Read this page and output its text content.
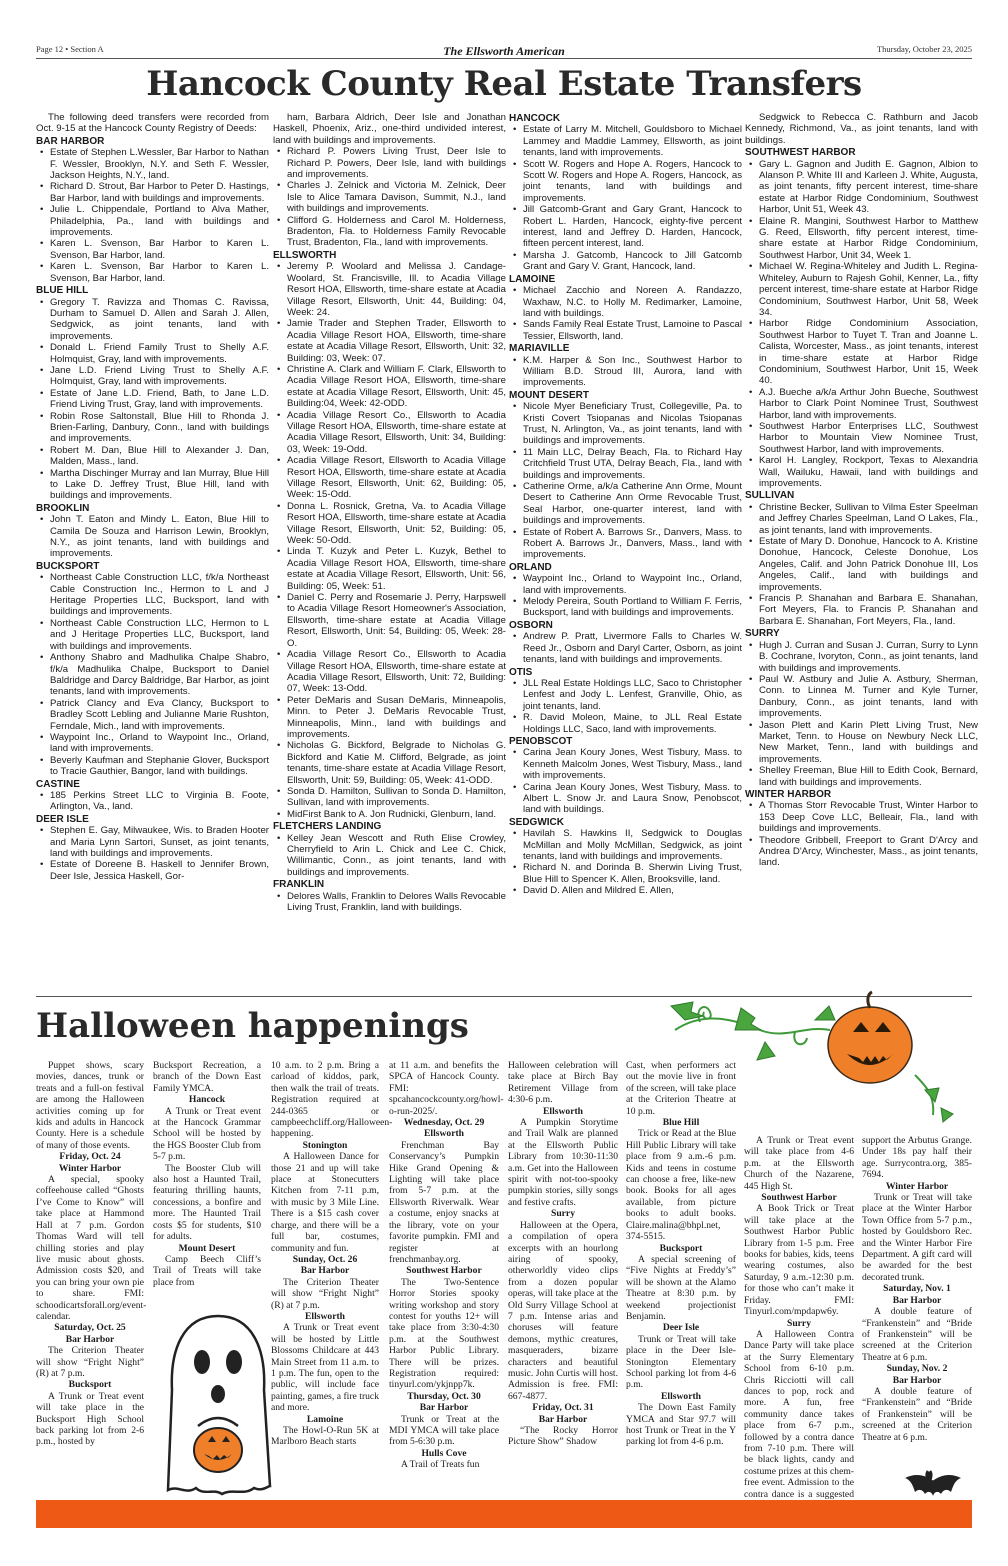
Page 12 • Section A	The Ellsworth American	Thursday, October 23, 2025
Hancock County Real Estate Transfers

The following deed transfers were recorded from Oct. 9-15 at the Hancock County Registry of Deeds:

BAR HARBOR
• Estate of Stephen L.Wessler, Bar Harbor to Nathan F. Wessler, Brooklyn, N.Y. and Seth F. Wessler, Jackson Heights, N.Y., land.
• Richard D. Strout, Bar Harbor to Peter D. Hastings, Bar Harbor, land with buildings and improvements.
• Julie L. Chippendale, Portland to Alva Mather, Philadelphia, Pa., land with buildings and improvements.
• Karen L. Svenson, Bar Harbor to Karen L. Svenson, Bar Harbor, land.
• Karen L. Svenson, Bar Harbor to Karen L. Svenson, Bar Harbor, land.
BLUE HILL
• Gregory T. Ravizza and Thomas C. Ravissa, Durham to Samuel D. Allen and Sarah J. Allen, Sedgwick, as joint tenants, land with improvements.
• Donald L. Friend Family Trust to Shelly A.F. Holmquist, Gray, land with improvements.
• Jane L.D. Friend Living Trust to Shelly A.F. Holmquist, Gray, land with improvements.
• Estate of Jane L.D. Friend, Bath, to Jane L.D. Friend Living Trust, Gray, land with improvements.
• Robin Rose Saltonstall, Blue Hill to Rhonda J. Brien-Farling, Danbury, Conn., land with buildings and improvements.
• Robert M. Dan, Blue Hill to Alexander J. Dan, Malden, Mass., land.
• Martha Dischinger Murray and Ian Murray, Blue Hill to Lake D. Jeffrey Trust, Blue Hill, land with buildings and improvements.
BROOKLIN
• John T. Eaton and Mindy L. Eaton, Blue Hill to Camila De Souza and Harrison Lewin, Brooklyn, N.Y., as joint tenants, land with buildings and improvements.
BUCKSPORT
• Northeast Cable Construction LLC, f/k/a Northeast Cable Construction Inc., Hermon to L and J Heritage Properties LLC, Bucksport, land with buildings and improvements.
• Northeast Cable Construction LLC, Hermon to L and J Heritage Properties LLC, Bucksport, land with buildings and improvements.
• Anthony Shabro and Madhulika Chalpe Shabro, f/k/a Madhulika Chalpe, Bucksport to Daniel Baldridge and Darcy Baldridge, Bar Harbor, as joint tenants, land with improvements.
• Patrick Clancy and Eva Clancy, Bucksport to Bradley Scott Lebling and Julianne Marie Rushton, Ferndale, Mich., land with improvements.
• Waypoint Inc., Orland to Waypoint Inc., Orland, land with improvements.
• Beverly Kaufman and Stephanie Glover, Bucksport to Tracie Gauthier, Bangor, land with buildings.
CASTINE
• 185 Perkins Street LLC to Virginia B. Foote, Arlington, Va., land.
DEER ISLE
• Stephen E. Gay, Milwaukee, Wis. to Braden Hooter and Maria Lynn Sartori, Sunset, as joint tenants, land with buildings and improvements.
• Estate of Doreene B. Haskell to Jennifer Brown, Deer Isle, Jessica Haskell, Gor-

ham, Barbara Aldrich, Deer Isle and Jonathan Haskell, Phoenix, Ariz., one-third undivided interest, land with buildings and improvements.

• Richard P. Powers Living Trust, Deer Isle to Richard P. Powers, Deer Isle, land with buildings and improvements.
• Charles J. Zelnick and Victoria M. Zelnick, Deer Isle to Alice Tamara Davison, Summit, N.J., land with buildings and improvements.
• Clifford G. Holderness and Carol M. Holderness, Bradenton, Fla. to Holderness Family Revocable Trust, Bradenton, Fla., land with improvements.
ELLSWORTH
• Jeremy P. Woolard and Melissa J. Candage-Woolard, St. Francisville, Ill. to Acadia Village Resort HOA, Ellsworth, time-share estate at Acadia Village Resort, Ellsworth, Unit: 44, Building: 04, Week: 24.
• Jamie Trader and Stephen Trader, Ellsworth to Acadia Village Resort HOA, Ellsworth, time-share estate at Acadia Village Resort, Ellsworth, Unit: 32, Building: 03, Week: 07.
• Christine A. Clark and William F. Clark, Ellsworth to Acadia Village Resort HOA, Ellsworth, time-share estate at Acadia Village Resort, Ellsworth, Unit: 45, Building:04, Week: 42-ODD.
• Acadia Village Resort Co., Ellsworth to Acadia Village Resort HOA, Ellsworth, time-share estate at Acadia Village Resort, Ellsworth, Unit: 34, Building: 03, Week: 19-Odd.
• Acadia Village Resort, Ellsworth to Acadia Village Resort HOA, Ellsworth, time-share estate at Acadia Village Resort, Ellsworth, Unit: 62, Building: 05, Week: 15-Odd.
• Donna L. Rosnick, Gretna, Va. to Acadia Village Resort HOA, Ellsworth, time-share estate at Acadia Village Resort, Ellsworth, Unit: 52, Building: 05, Week: 50-Odd.
• Linda T. Kuzyk and Peter L. Kuzyk, Bethel to Acadia Village Resort HOA, Ellsworth, time-share estate at Acadia Village Resort, Ellsworth, Unit: 56, Building: 05, Week: 51.
• Daniel C. Perry and Rosemarie J. Perry, Harpswell to Acadia Village Resort Homeowner's Association, Ellsworth, time-share estate at Acadia Village Resort, Ellsworth, Unit: 54, Building: 05, Week: 28-O.
• Acadia Village Resort Co., Ellsworth to Acadia Village Resort HOA, Ellsworth, time-share estate at Acadia Village Resort, Ellsworth, Unit: 72, Building: 07, Week: 13-Odd.
• Peter DeMaris and Susan DeMaris, Minneapolis, Minn. to Peter J. DeMaris Revocable Trust, Minneapolis, Minn., land with buildings and improvements.
• Nicholas G. Bickford, Belgrade to Nicholas G. Bickford and Katie M. Clifford, Belgrade, as joint tenants, time-share estate at Acadia Village Resort, Ellsworth, Unit: 59, Building: 05, Week: 41-ODD.
• Sonda D. Hamilton, Sullivan to Sonda D. Hamilton, Sullivan, land with improvements.
• MidFirst Bank to A. Jon Rudnicki, Glenburn, land.
FLETCHERS LANDING
• Kelley Jean Wescott and Ruth Elise Crowley, Cherryfield to Arin L. Chick and Lee C. Chick, Willimantic, Conn., as joint tenants, land with buildings and improvements.
FRANKLIN
• Delores Walls, Franklin to Delores Walls Revocable Living Trust, Franklin, land with buildings.
HANCOCK
• Estate of Larry M. Mitchell, Gouldsboro to Michael Lammey and Maddie Lammey, Ellsworth, as joint tenants, land with improvements.
• Scott W. Rogers and Hope A. Rogers, Hancock to Scott W. Rogers and Hope A. Rogers, Hancock, as joint tenants, land with buildings and improvements.
• Jill Gatcomb-Grant and Gary Grant, Hancock to Robert L. Harden, Hancock, eighty-five percent interest, land and Jeffrey D. Harden, Hancock, fifteen percent interest, land.
• Marsha J. Gatcomb, Hancock to Jill Gatcomb Grant and Gary V. Grant, Hancock, land.
LAMOINE
• Michael Zacchio and Noreen A. Randazzo, Waxhaw, N.C. to Holly M. Redimarker, Lamoine, land with buildings.
• Sands Family Real Estate Trust, Lamoine to Pascal Tessier, Ellsworth, land.
MARIAVILLE
• K.M. Harper & Son Inc., Southwest Harbor to William B.D. Stroud III, Aurora, land with improvements.
MOUNT DESERT
• Nicole Myer Beneficiary Trust, Collegeville, Pa. to Kristi Covert Tsiopanas and Nicolas Tsiopanas Trust, N. Arlington, Va., as joint tenants, land with buildings and improvements.
• 11 Main LLC, Delray Beach, Fla. to Richard Hay Critchfield Trust UTA, Delray Beach, Fla., land with buildings and improvements.
• Catherine Orme, a/k/a Catherine Ann Orme, Mount Desert to Catherine Ann Orme Revocable Trust, Seal Harbor, one-quarter interest, land with buildings and improvements.
• Estate of Robert A. Barrows Sr., Danvers, Mass. to Robert A. Barrows Jr., Danvers, Mass., land with improvements.
ORLAND
• Waypoint Inc., Orland to Waypoint Inc., Orland, land with improvements.
• Melody Pereira, South Portland to William F. Ferris, Bucksport, land with buildings and improvements.
OSBORN
• Andrew P. Pratt, Livermore Falls to Charles W. Reed Jr., Osborn and Daryl Carter, Osborn, as joint tenants, land with buildings and improvements.
OTIS
• JLL Real Estate Holdings LLC, Saco to Christopher Lenfest and Jody L. Lenfest, Granville, Ohio, as joint tenants, land.
• R. David Moleon, Maine, to JLL Real Estate Holdings LLC, Saco, land with improvements.
PENOBSCOT
• Carina Jean Koury Jones, West Tisbury, Mass. to Kenneth Malcolm Jones, West Tisbury, Mass., land with improvements.
• Carina Jean Koury Jones, West Tisbury, Mass. to Albert L. Snow Jr. and Laura Snow, Penobscot, land with buildings.
SEDGWICK
• Havilah S. Hawkins II, Sedgwick to Douglas McMillan and Molly McMillan, Sedgwick, as joint tenants, land with buildings and improvements.
• Richard N. and Dorinda B. Sherwin Living Trust, Blue Hill to Spencer K. Allen, Brooksville, land.
• David D. Allen and Mildred E. Allen,

Sedgwick to Rebecca C. Rathburn and Jacob Kennedy, Richmond, Va., as joint tenants, land with buildings.

SOUTHWEST HARBOR
• Gary L. Gagnon and Judith E. Gagnon, Albion to Alanson P. White III and Karleen J. White, Augusta, as joint tenants, fifty percent interest, time-share estate at Harbor Ridge Condominium, Southwest Harbor, Unit 51, Week 43.
• Elaine R. Mangini, Southwest Harbor to Matthew G. Reed, Ellsworth, fifty percent interest, time-share estate at Harbor Ridge Condominium, Southwest Harbor, Unit 34, Week 1.
• Michael W. Regina-Whiteley and Judith L. Regina-Whiteley, Auburn to Rajesh Gohil, Kenner, La., fifty percent interest, time-share estate at Harbor Ridge Condominium, Southwest Harbor, Unit 58, Week 34.
• Harbor Ridge Condominium Association, Southwest Harbor to Tuyet T. Tran and Joanne L. Calista, Worcester, Mass., as joint tenants, interest in time-share estate at Harbor Ridge Condominium, Southwest Harbor, Unit 15, Week 40.
• A.J. Bueche a/k/a Arthur John Bueche, Southwest Harbor to Clark Point Nominee Trust, Southwest Harbor, land with improvements.
• Southwest Harbor Enterprises LLC, Southwest Harbor to Mountain View Nominee Trust, Southwest Harbor, land with improvements.
• Karol H. Langley, Rockport, Texas to Alexandria Wall, Wailuku, Hawaii, land with buildings and improvements.
SULLIVAN
• Christine Becker, Sullivan to Vilma Ester Speelman and Jeffrey Charles Speelman, Land O Lakes, Fla., as joint tenants, land with improvements.
• Estate of Mary D. Donohue, Hancock to A. Kristine Donohue, Hancock, Celeste Donohue, Los Angeles, Calif. and John Patrick Donohue III, Los Angeles, Calif., land with buildings and improvements.
• Francis P. Shanahan and Barbara E. Shanahan, Fort Meyers, Fla. to Francis P. Shanahan and Barbara E. Shanahan, Fort Meyers, Fla., land.
SURRY
• Hugh J. Curran and Susan J. Curran, Surry to Lynn B. Cochrane, Ivoryton, Conn., as joint tenants, land with buildings and improvements.
• Paul W. Astbury and Julie A. Astbury, Sherman, Conn. to Linnea M. Turner and Kyle Turner, Danbury, Conn., as joint tenants, land with improvements.
• Jason Plett and Karin Plett Living Trust, New Market, Tenn. to House on Newbury Neck LLC, New Market, Tenn., land with buildings and improvements.
• Shelley Freeman, Blue Hill to Edith Cook, Bernard, land with buildings and improvements.
WINTER HARBOR
• A Thomas Storr Revocable Trust, Winter Harbor to 153 Deep Cove LLC, Belleair, Fla., land with buildings and improvements.
• Theodore Gribbell, Freeport to Grant D'Arcy and Andrea D'Arcy, Winchester, Mass., as joint tenants, land.
Halloween happenings

Puppet shows, scary movies, dances, trunk or treats and a full-on festival are among the Halloween activities coming up for kids and adults in Hancock County. Here is a schedule of many of those events.

Friday, Oct. 24

Winter Harbor

A special, spooky coffeehouse called “Ghosts I’ve Come to Know” will take place at Hammond Hall at 7 p.m. Gordon Thomas Ward will tell chilling stories and play live music about ghosts. Admission costs $20, and you can bring your own pie to share. FMI: schoodicartsforall.org/event-calendar.

Saturday, Oct. 25

Bar Harbor

The Criterion Theater will show “Fright Night” (R) at 7 p.m.

Bucksport

A Trunk or Treat event will take place in the Bucksport High School back parking lot from 2-6 p.m., hosted by

Bucksport Recreation, a branch of the Down East Family YMCA.

Hancock

A Trunk or Treat event at the Hancock Grammar School will be hosted by the HGS Booster Club from 5-7 p.m.

The Booster Club will also host a Haunted Trail, featuring thrilling haunts, concessions, a bonfire and more. The Haunted Trail costs $5 for students, $10 for adults.

Mount Desert

Camp Beech Cliff’s Trail of Treats will take place from

10 a.m. to 2 p.m. Bring a carload of kiddos, park, then walk the trail of treats. Registration required at 244-0365 or campbeechcliff.org/Halloween-happening.

Stonington

A Halloween Dance for those 21 and up will take place at Stonecutters Kitchen from 7-11 p.m, with music by 3 Mile Line. There is a $15 cash cover charge, and there will be a full bar, costumes, community and fun.

Sunday, Oct. 26

Bar Harbor

The Criterion Theater will show “Fright Night” (R) at 7 p.m.

Ellsworth

A Trunk or Treat event will be hosted by Little Blossoms Childcare at 443 Main Street from 11 a.m. to 1 p.m. The fun, open to the public, will include face painting, games, a fire truck and more.

Lamoine

The Howl-O-Run 5K at Marlboro Beach starts

at 11 a.m. and benefits the SPCA of Hancock County. FMI: spcahancockcounty.org/howl-o-run-2025/.

Wednesday, Oct. 29

Ellsworth

Frenchman Bay Conservancy’s Pumpkin Hike Grand Opening & Lighting will take place from 5-7 p.m. at the Ellsworth Riverwalk. Wear a costume, enjoy snacks at the library, vote on your favorite pumpkin. FMI and register at frenchmanbay.org.

Southwest Harbor

The Two-Sentence Horror Stories spooky writing workshop and story contest for youths 12+ will take place from 3:30-4:30 p.m. at the Southwest Harbor Public Library. There will be prizes. Registration required: tinyurl.com/ykjnpp7k.

Thursday, Oct. 30

Bar Harbor

Trunk or Treat at the MDI YMCA will take place from 5-6:30 p.m.

Hulls Cove

A Trail of Treats fun

Halloween celebration will take place at Birch Bay Retirement Village from 4:30-6 p.m.

Ellsworth

A Pumpkin Storytime and Trail Walk are planned at the Ellsworth Public Library from 10:30-11:30 a.m. Get into the Halloween spirit with not-too-spooky pumpkin stories, silly songs and festive crafts.

Surry

Halloween at the Opera, a compilation of opera excerpts with an hourlong airing of spooky, otherworldly video clips from a dozen popular operas, will take place at the Old Surry Village School at 7 p.m. Intense arias and choruses will feature demons, mythic creatures, masqueraders, bizarre characters and beautiful music. John Curtis will host. Admission is free. FMI: 667-4877.

Friday, Oct. 31

Bar Harbor

“The Rocky Horror Picture Show” Shadow

Cast, when performers act out the movie live in front of the screen, will take place at the Criterion Theatre at 10 p.m.

Blue Hill

Trick or Read at the Blue Hill Public Library will take place from 9 a.m.-6 p.m. Kids and teens in costume can choose a free, like-new book. Books for all ages available, from picture books to adult books. Claire.malina@bhpl.net, 374-5515.

Bucksport

A special screening of “Five Nights at Freddy’s” will be shown at the Alamo Theatre at 8:30 p.m. by weekend projectionist Benjamin.

Deer Isle

Trunk or Treat will take place in the Deer Isle-Stonington Elementary School parking lot from 4-6 p.m.

Ellsworth

The Down East Family YMCA and Star 97.7 will host Trunk or Treat in the Y parking lot from 4-6 p.m.

A Trunk or Treat event will take place from 4-6 p.m. at the Ellsworth Church of the Nazarene, 445 High St.

Southwest Harbor

A Book Trick or Treat will take place at the Southwest Harbor Public Library from 1-5 p.m. Free books for babies, kids, teens wearing costumes, also Saturday, 9 a.m.-12:30 p.m. for those who can’t make it Friday. FMI: Tinyurl.com/mpdapw6y.

Surry

A Halloween Contra Dance Party will take place at the Surry Elementary School from 6-10 p.m. Chris Ricciotti will call dances to pop, rock and more. A fun, free community dance takes place from 6-7 p.m., followed by a contra dance from 7-10 p.m. There will be black lights, candy and costume prizes at this chem-free event. Admission to the contra dance is a suggested

support the Arbutus Grange. Under 18s pay half their age. Surrycontra.org, 385-7694.

Winter Harbor

Trunk or Treat will take place at the Winter Harbor Town Office from 5-7 p.m., hosted by Gouldsboro Rec. and the Winter Harbor Fire Department. A gift card will be awarded for the best decorated trunk.

Saturday, Nov. 1

Bar Harbor

A double feature of “Frankenstein” and “Bride of Frankenstein” will be screened at the Criterion Theatre at 6 p.m.

Sunday, Nov. 2

Bar Harbor

A double feature of “Frankenstein” and “Bride of Frankenstein” will be screened at the Criterion Theatre at 6 p.m.
